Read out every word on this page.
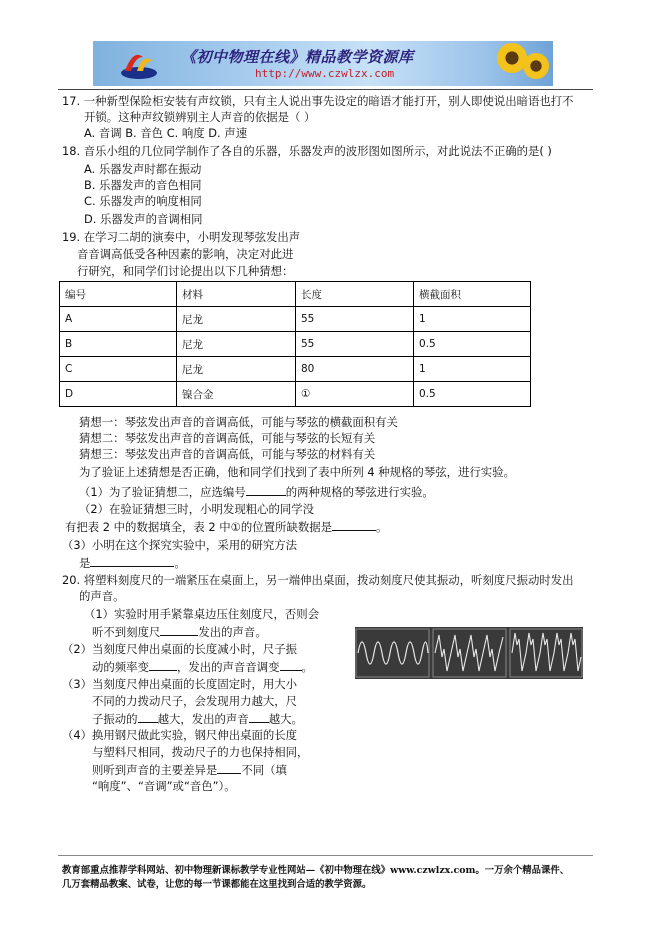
《初中物理在线》精品教学资源库
http://www.czwlzx.com
17. 一种新型保险柜安装有声纹锁，只有主人说出事先设定的暗语才能打开，别人即使说出暗语也打不
开锁。这种声纹锁辨别主人声音的依据是（ ）
A. 音调 B. 音色 C. 响度 D. 声速
18. 音乐小组的几位同学制作了各自的乐器，乐器发声的波形图如图所示，对此说法不正确的是( )
A. 乐器发声时都在振动
B. 乐器发声的音色相同
C. 乐器发声的响度相同
D. 乐器发声的音调相同
19. 在学习二胡的演奏中，小明发现琴弦发出声
音音调高低受各种因素的影响，决定对此进
行研究，和同学们讨论提出以下几种猜想：
编号	材料	长度	横截面积
A	尼龙	55	1
B	尼龙	55	0.5
C	尼龙	80	1
D	镍合金	①	0.5
猜想一：琴弦发出声音的音调高低，可能与琴弦的横截面积有关
猜想二：琴弦发出声音的音调高低，可能与琴弦的长短有关
猜想三：琴弦发出声音的音调高低，可能与琴弦的材料有关
为了验证上述猜想是否正确，他和同学们找到了表中所列 4 种规格的琴弦，进行实验。
（1）为了验证猜想二，应选编号	的两种规格的琴弦进行实验。
（2）在验证猜想三时，小明发现粗心的同学没
有把表 2 中的数据填全，表 2 中①的位置所缺数据是	。
（3）小明在这个探究实验中，采用的研究方法
是	。
20. 将塑料刻度尺的一端紧压在桌面上，另一端伸出桌面，拨动刻度尺使其振动，听刻度尺振动时发出
的声音。
（1）实验时用手紧靠桌边压住刻度尺，否则会
听不到刻度尺	发出的声音。
（2）当刻度尺伸出桌面的长度减小时，尺子振
动的频率变 ，发出的声音音调变 。
（3）当刻度尺伸出桌面的长度固定时，用大小
不同的力拨动尺子，会发现用力越大，尺
子振动的 越大，发出的声音 越大。
（4）换用钢尺做此实验，钢尺伸出桌面的长度
与塑料尺相同，拨动尺子的力也保持相同，
则听到声音的主要差异是 不同（填
“响度”、“音调”或“音色”）。
教育部重点推荐学科网站、初中物理新课标教学专业性网站—《初中物理在线》www.czwlzx.com。一万余个精品课件、
几万套精品教案、试卷，让您的每一节课都能在这里找到合适的教学资源。
